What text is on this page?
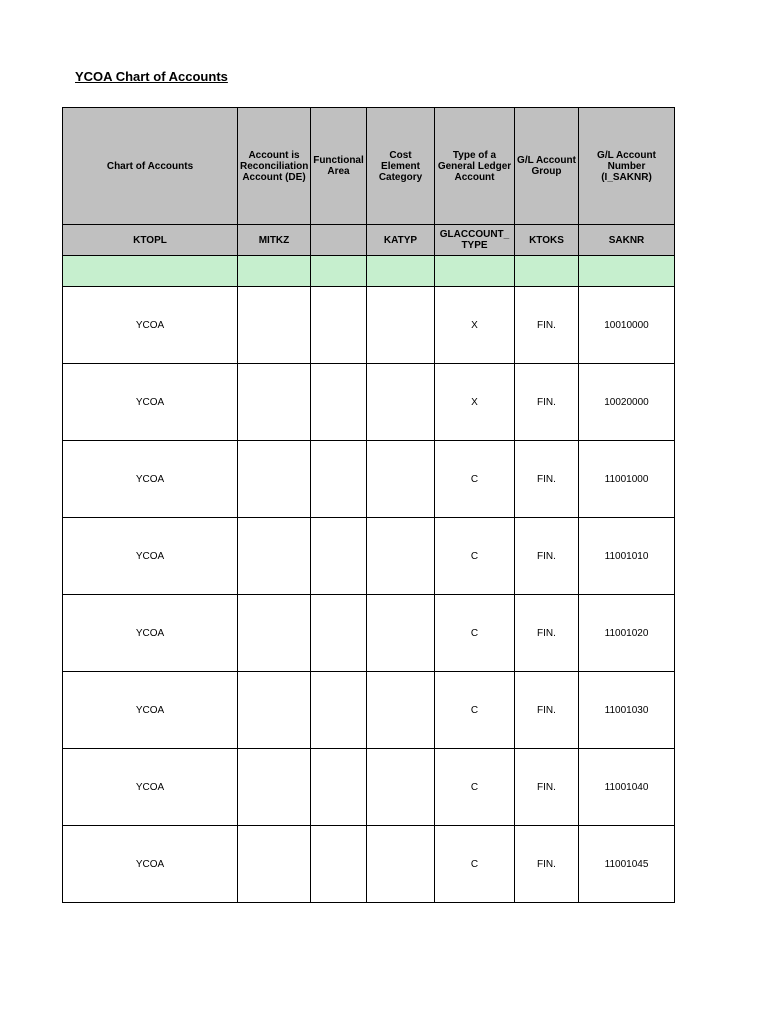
YCOA Chart of Accounts
Chart of Accounts	Account is Reconciliation Account (DE)	Functional Area	Cost Element Category	Type of a General Ledger Account	G/L Account Group	G/L Account Number (I_SAKNR)
KTOPL	MITKZ		KATYP	GLACCOUNT_TYPE	KTOKS	SAKNR

YCOA				X	FIN.	10010000
YCOA				X	FIN.	10020000
YCOA				C	FIN.	11001000
YCOA				C	FIN.	11001010
YCOA				C	FIN.	11001020
YCOA				C	FIN.	11001030
YCOA				C	FIN.	11001040
YCOA				C	FIN.	11001045
